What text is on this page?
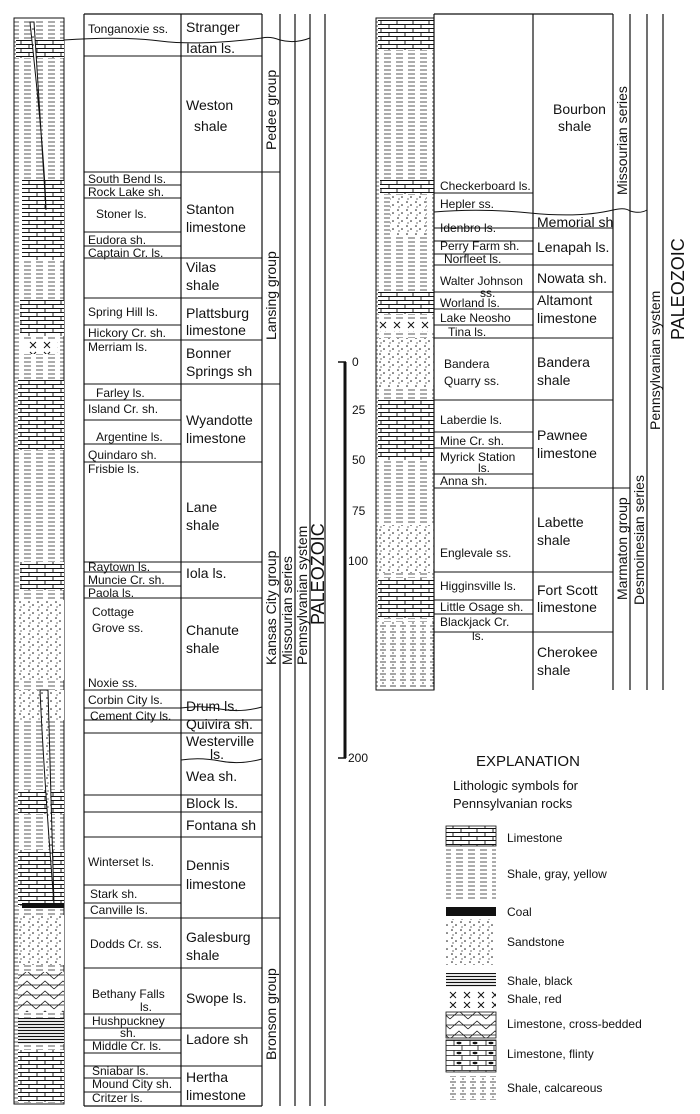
Tonganoxie ss.
South Bend ls.
Rock Lake sh.
Stoner ls.
Eudora sh.
Captain Cr. ls.
Spring Hill ls.
Hickory Cr. sh.
Merriam ls.
Farley ls.
Island Cr. sh.
Argentine ls.
Quindaro sh.
Frisbie ls.
Raytown ls.
Muncie Cr. sh.
Paola ls.
Cottage
Grove ss.
Noxie ss.
Corbin City ls.
Cement City ls.
Winterset ls.
Stark sh.
Canville ls.
Dodds Cr. ss.
Bethany Falls
ls.
Hushpuckney
sh.
Middle Cr. ls.
Sniabar ls.
Mound City sh.
Critzer ls.
Stranger
Iatan ls.
Weston
shale
Stanton
limestone
Vilas
shale
Plattsburg
limestone
Bonner
Springs sh
Wyandotte
limestone
Lane
shale
Iola ls.
Chanute
shale
Drum ls.
Quivira sh.
Westerville
ls.
Wea sh.
Block ls.
Fontana sh
Dennis
limestone
Galesburg
shale
Swope ls.
Ladore sh
Hertha
limestone
Pedee group
Lansing group
Kansas City group
Bronson group
Missourian series Pennsylvanian system
PALEOZOIC
0
25
50
75
100
200
Checkerboard ls.
Hepler ss.
Idenbro ls.
Perry Farm sh.
Norfleet ls.
Walter Johnson
ss.
Worland ls.
Lake Neosho
Tina ls.
Bandera
Quarry ss.
Laberdie ls.
Mine Cr. sh.
Myrick Station
ls.
Anna sh.
Englevale ss.
Higginsville ls.
Little Osage sh.
Blackjack Cr.
ls.
Bourbon
shale
Memorial sh
Lenapah ls.
Nowata sh.
Altamont
limestone
Bandera
shale
Pawnee
limestone
Labette
shale
Fort Scott
limestone
Cherokee
shale
Missourian series
Marmaton group Desmoinesian series
Pennsylvanian system
PALEOZOIC
EXPLANATION
Lithologic symbols for
Pennsylvanian rocks
Limestone
Shale, gray, yellow
Coal
Sandstone
Shale, black
Shale, red
Limestone, cross-bedded
Limestone, flinty
Shale, calcareous
